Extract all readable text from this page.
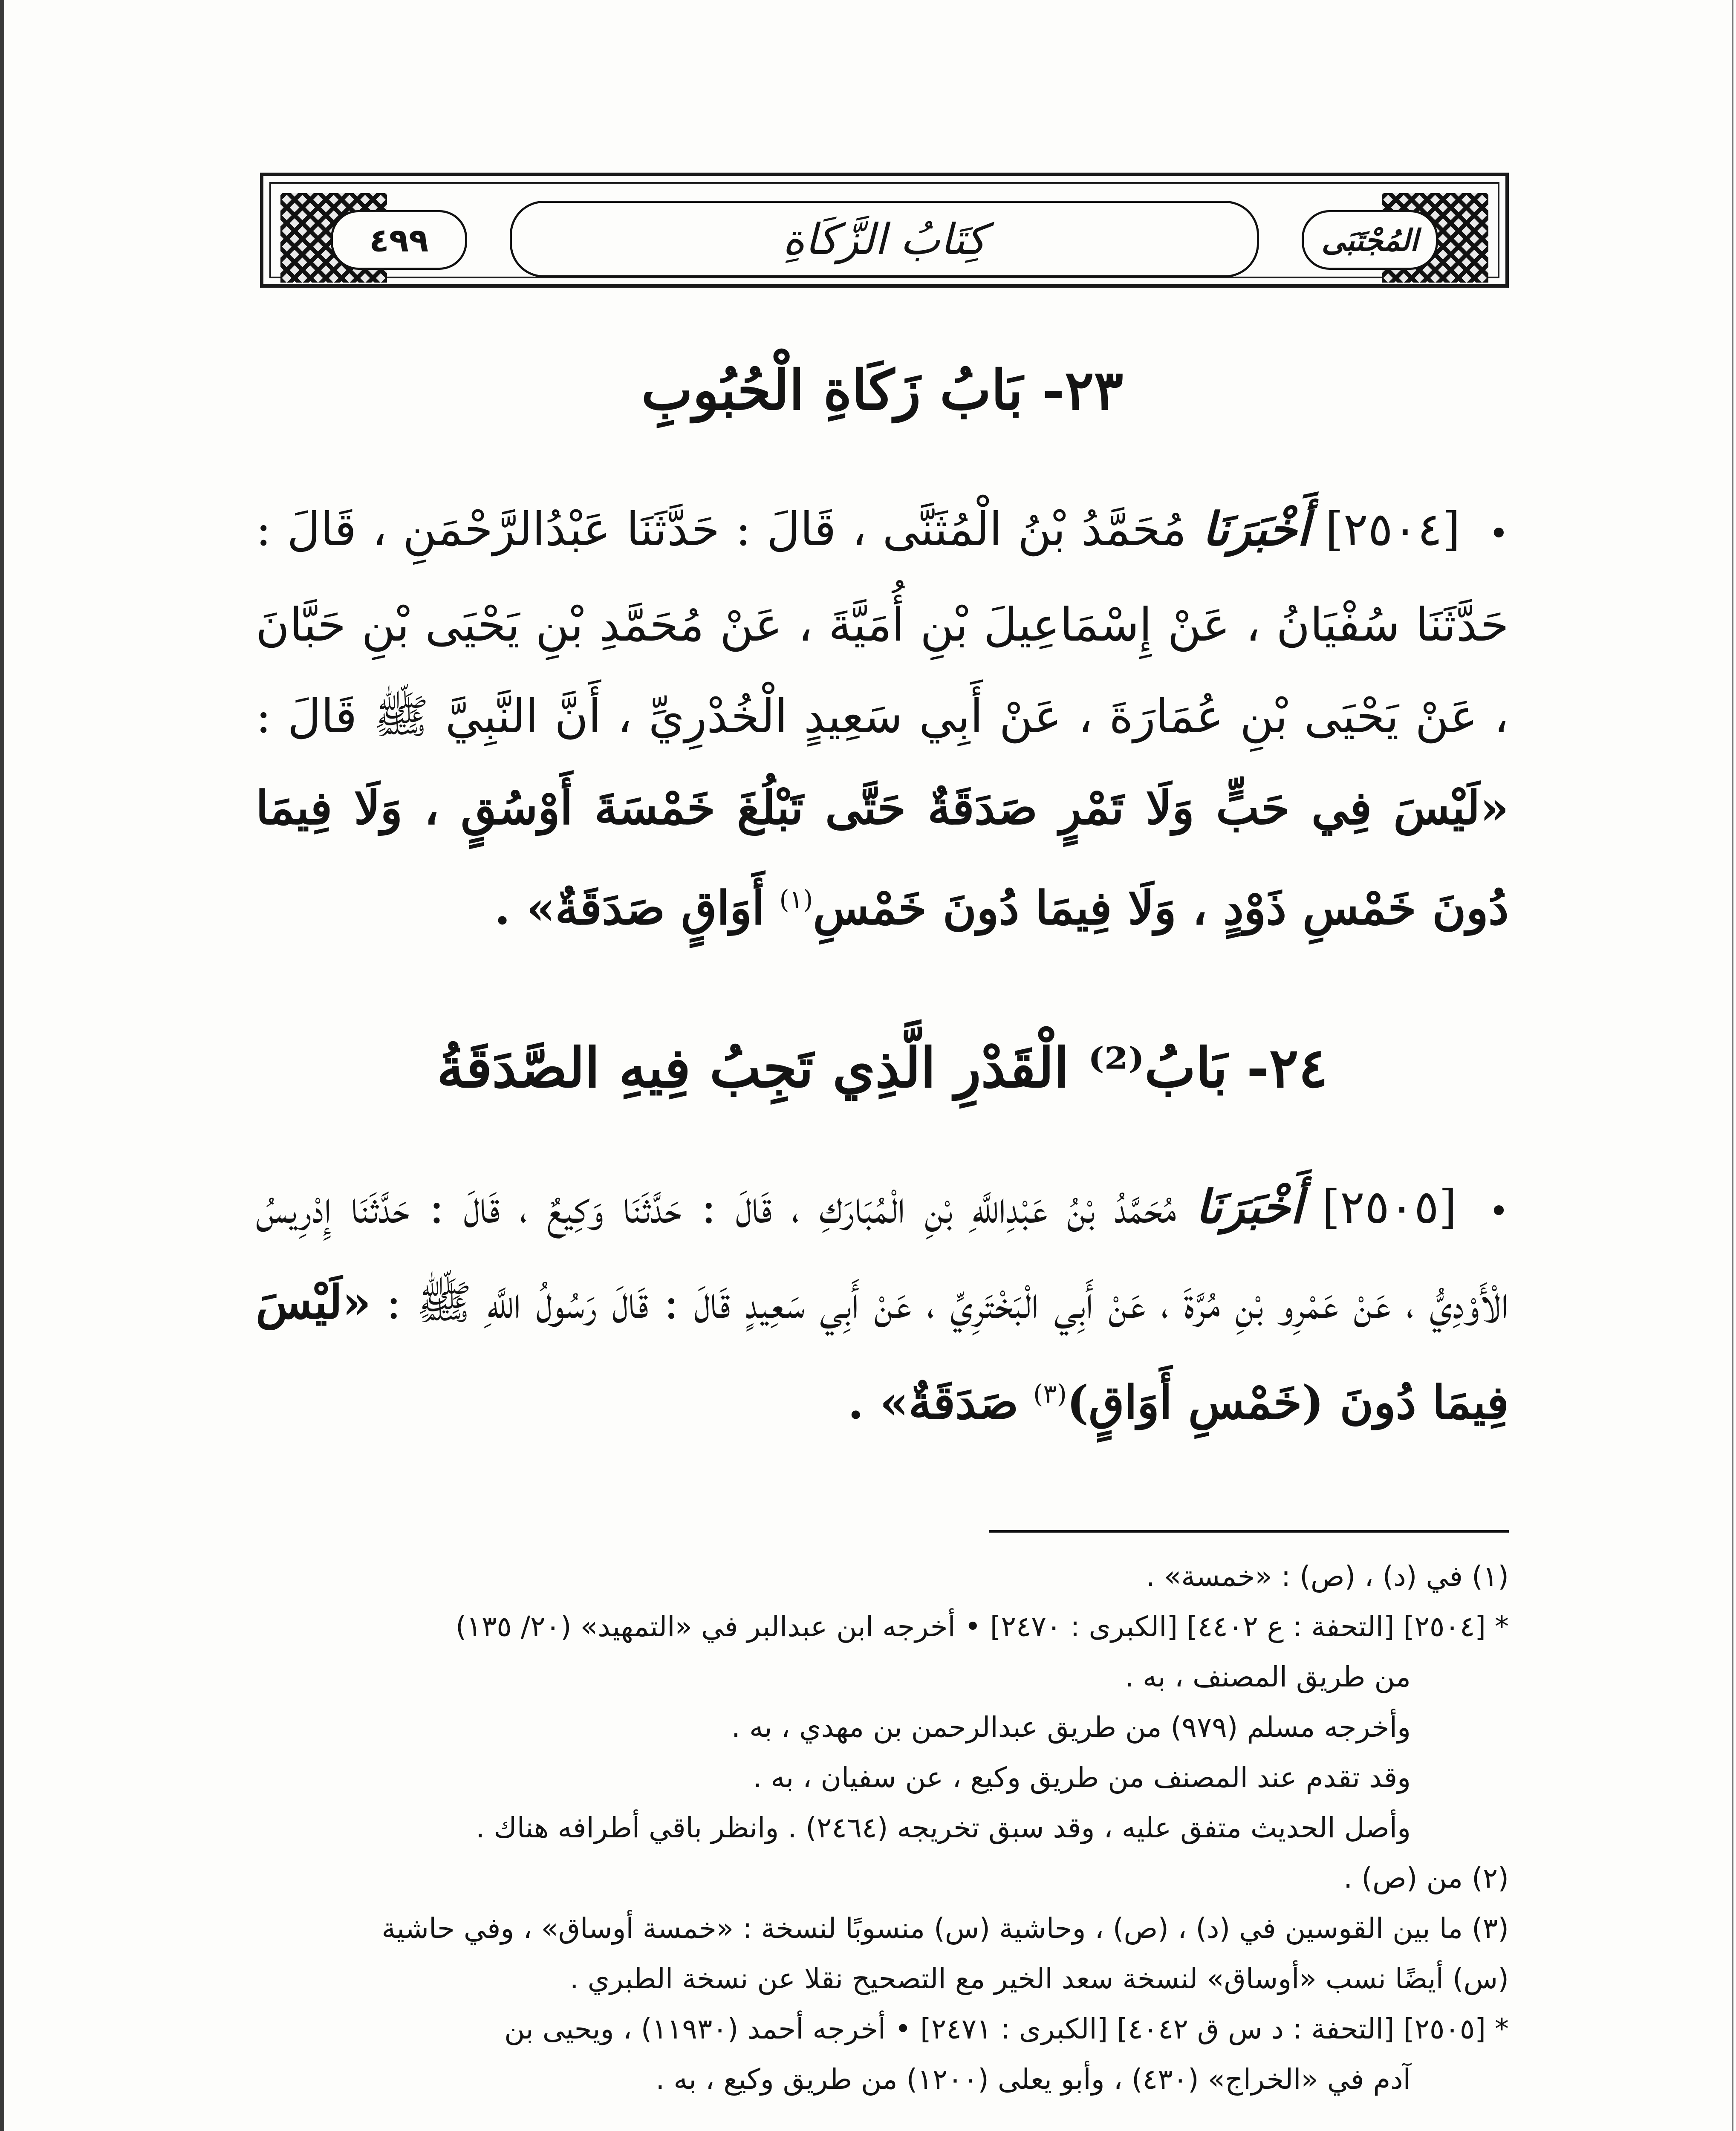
٤٩٩	المُجْتَبَى
كِتَابُ الزَّكَاةِ
٢٣- بَابُ زَكَاةِ الْحُبُوبِ
• [٢٥٠٤] أَخْبَرَنَا مُحَمَّدُ بْنُ الْمُثَنَّى ، قَالَ : حَدَّثَنَا عَبْدُالرَّحْمَنِ ، قَالَ : حَدَّثَنَا سُفْيَانُ ، عَنْ إِسْمَاعِيلَ بْنِ أُمَيَّةَ ، عَنْ مُحَمَّدِ بْنِ يَحْيَى بْنِ حَبَّانَ ، عَنْ يَحْيَى بْنِ عُمَارَةَ ، عَنْ أَبِي سَعِيدٍ الْخُدْرِيِّ ، أَنَّ النَّبِيَّ ﷺ قَالَ : «لَيْسَ فِي حَبٍّ وَلَا تَمْرٍ صَدَقَةٌ حَتَّى تَبْلُغَ خَمْسَةَ أَوْسُقٍ ، وَلَا فِيمَا دُونَ خَمْسِ ذَوْدٍ ، وَلَا فِيمَا دُونَ خَمْسِ$^{(١)}$ أَوَاقٍ صَدَقَةٌ» .
٢٤- بَابُ⁽²⁾ الْقَدْرِ الَّذِي تَجِبُ فِيهِ الصَّدَقَةُ
• [٢٥٠٥] أَخْبَرَنَا مُحَمَّدُ بْنُ عَبْدِاللَّهِ بْنِ الْمُبَارَكِ ، قَالَ : حَدَّثَنَا وَكِيعٌ ، قَالَ : حَدَّثَنَا إِدْرِيسُ الْأَوْدِيُّ ، عَنْ عَمْرِو بْنِ مُرَّةَ ، عَنْ أَبِي الْبَخْتَرِيِّ ، عَنْ أَبِي سَعِيدٍ قَالَ : قَالَ رَسُولُ اللَّهِ ﷺ : «لَيْسَ فِيمَا دُونَ (خَمْسِ أَوَاقٍ)$^{(٣)}$ صَدَقَةٌ» .
(١) في (د) ، (ص) : «خمسة» .
* [٢٥٠٤] [التحفة : ع ٤٤٠٢] [الكبرى : ٢٤٧٠] • أخرجه ابن عبدالبر في «التمهيد» (٢٠/ ١٣٥)
من طريق المصنف ، به .
وأخرجه مسلم (٩٧٩) من طريق عبدالرحمن بن مهدي ، به .
وقد تقدم عند المصنف من طريق وكيع ، عن سفيان ، به .
وأصل الحديث متفق عليه ، وقد سبق تخريجه (٢٤٦٤) . وانظر باقي أطرافه هناك .
(٢) من (ص) .
(٣) ما بين القوسين في (د) ، (ص) ، وحاشية (س) منسوبًا لنسخة : «خمسة أوساق» ، وفي حاشية
(س) أيضًا نسب «أوساق» لنسخة سعد الخير مع التصحيح نقلا عن نسخة الطبري .
* [٢٥٠٥] [التحفة : د س ق ٤٠٤٢] [الكبرى : ٢٤٧١] • أخرجه أحمد (١١٩٣٠) ، ويحيى بن
آدم في «الخراج» (٤٣٠) ، وأبو يعلى (١٢٠٠) من طريق وكيع ، به .
